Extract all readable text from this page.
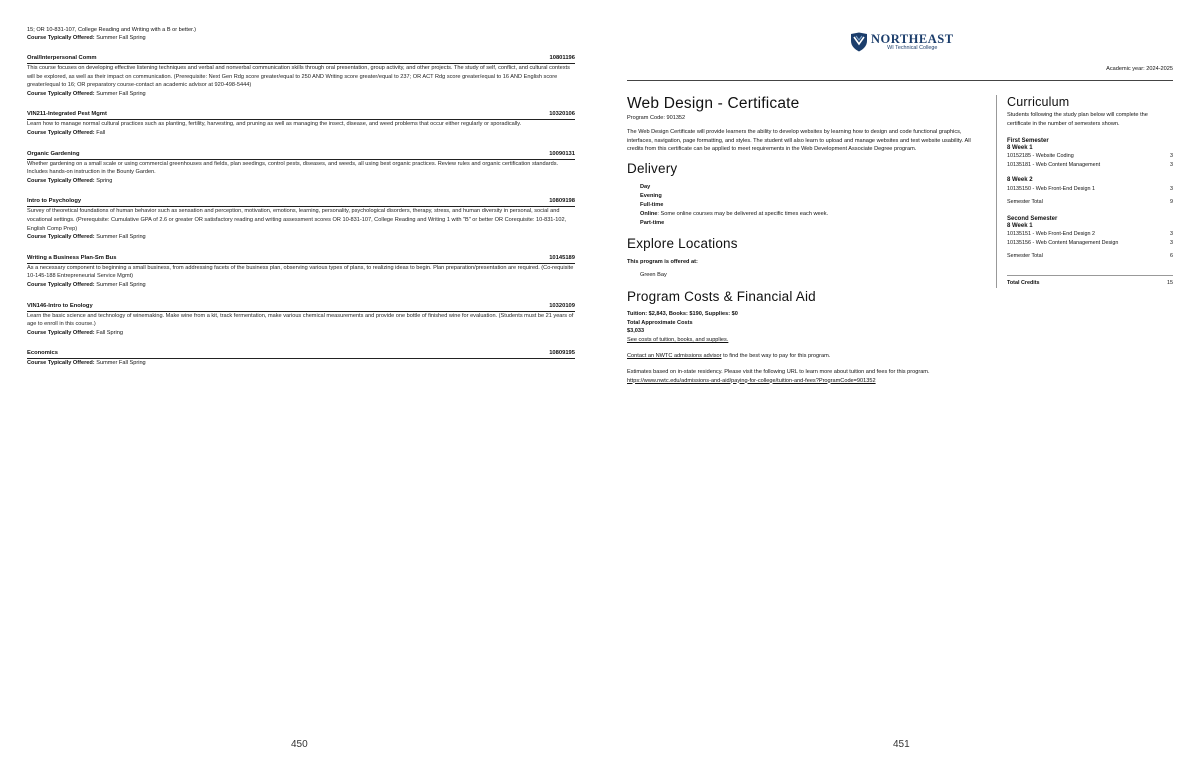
15; OR 10-831-107, College Reading and Writing with a B or better.)
Course Typically Offered: Summer Fall Spring
Oral/Interpersonal Comm	10801196
This course focuses on developing effective listening techniques and verbal and nonverbal communication skills through oral presentation, group activity, and other projects. The study of self, conflict, and cultural contexts will be explored, as well as their impact on communication. (Prerequisite: Next Gen Rdg score greater/equal to 250 AND Writing score greater/equal to 237; OR ACT Rdg score greater/equal to 16 AND English score greater/equal to 16; OR preparatory course-contact an academic advisor at 920-498-5444)
Course Typically Offered: Summer Fall Spring
VIN211-Integrated Pest Mgmt	10320106
Learn how to manage normal cultural practices such as planting, fertility, harvesting, and pruning as well as managing the insect, disease, and weed problems that occur either regularly or sporadically.
Course Typically Offered: Fall
Organic Gardening	10090131
Whether gardening on a small scale or using commercial greenhouses and fields, plan seedings, control pests, diseases, and weeds, all using best organic practices. Review rules and organic certification standards. Includes hands-on instruction in the Bounty Garden.
Course Typically Offered: Spring
Intro to Psychology	10809198
Survey of theoretical foundations of human behavior such as sensation and perception, motivation, emotions, learning, personality, psychological disorders, therapy, stress, and human diversity in personal, social and vocational settings. (Prerequisite: Cumulative GPA of 2.6 or greater OR satisfactory reading and writing assessment scores OR 10-831-107, College Reading and Writing 1 with "B" or better OR Corequisite: 10-831-102, English Comp Prep)
Course Typically Offered: Summer Fall Spring
Writing a Business Plan-Sm Bus	10145189
As a necessary component to beginning a small business, from addressing facets of the business plan, observing various types of plans, to realizing ideas to begin. Plan preparation/presentation are required. (Co-requisite 10-145-188 Entrepreneurial Service Mgmt)
Course Typically Offered: Summer Fall Spring
VIN146-Intro to Enology	10320109
Learn the basic science and technology of winemaking. Make wine from a kit, track fermentation, make various chemical measurements and provide one bottle of finished wine for evaluation. (Students must be 21 years of age to enroll in this course.)
Course Typically Offered: Fall Spring
Economics	10809195
Course Typically Offered: Summer Fall Spring
450
NORTHEAST
WI Technical College
Academic year: 2024-2025
Web Design - Certificate
Program Code: 901352
The Web Design Certificate will provide learners the ability to develop websites by learning how to design and code functional graphics, interfaces, navigation, page formatting, and styles. The student will also learn to upload and manage websites and test website usability. All credits from this certificate can be applied to meet requirements in the Web Development Associate Degree program.
Delivery
Day
Evening
Full-time
Online: Some online courses may be delivered at specific times each week.
Part-time
Explore Locations
This program is offered at:
Green Bay
Program Costs & Financial Aid
Tuition: $2,843, Books: $190, Supplies: $0
Total Approximate Costs
$3,033
See costs of tuition, books, and supplies.
Contact an NWTC admissions advisor to find the best way to pay for this program.
Estimates based on in-state residency. Please visit the following URL to learn more about tuition and fees for this program.
https://www.nwtc.edu/admissions-and-aid/paying-for-college/tuition-and-fees?ProgramCode=901352
Curriculum
Students following the study plan below will complete the certificate in the number of semesters shown.
First Semester
8 Week 1
10152185 - Website Coding	3
10135181 - Web Content Management	3
8 Week 2
10135150 - Web Front-End Design 1	3
Semester Total	9
Second Semester
8 Week 1
10135151 - Web Front-End Design 2	3
10135156 - Web Content Management Design	3
Semester Total	6
Total Credits	15
451
